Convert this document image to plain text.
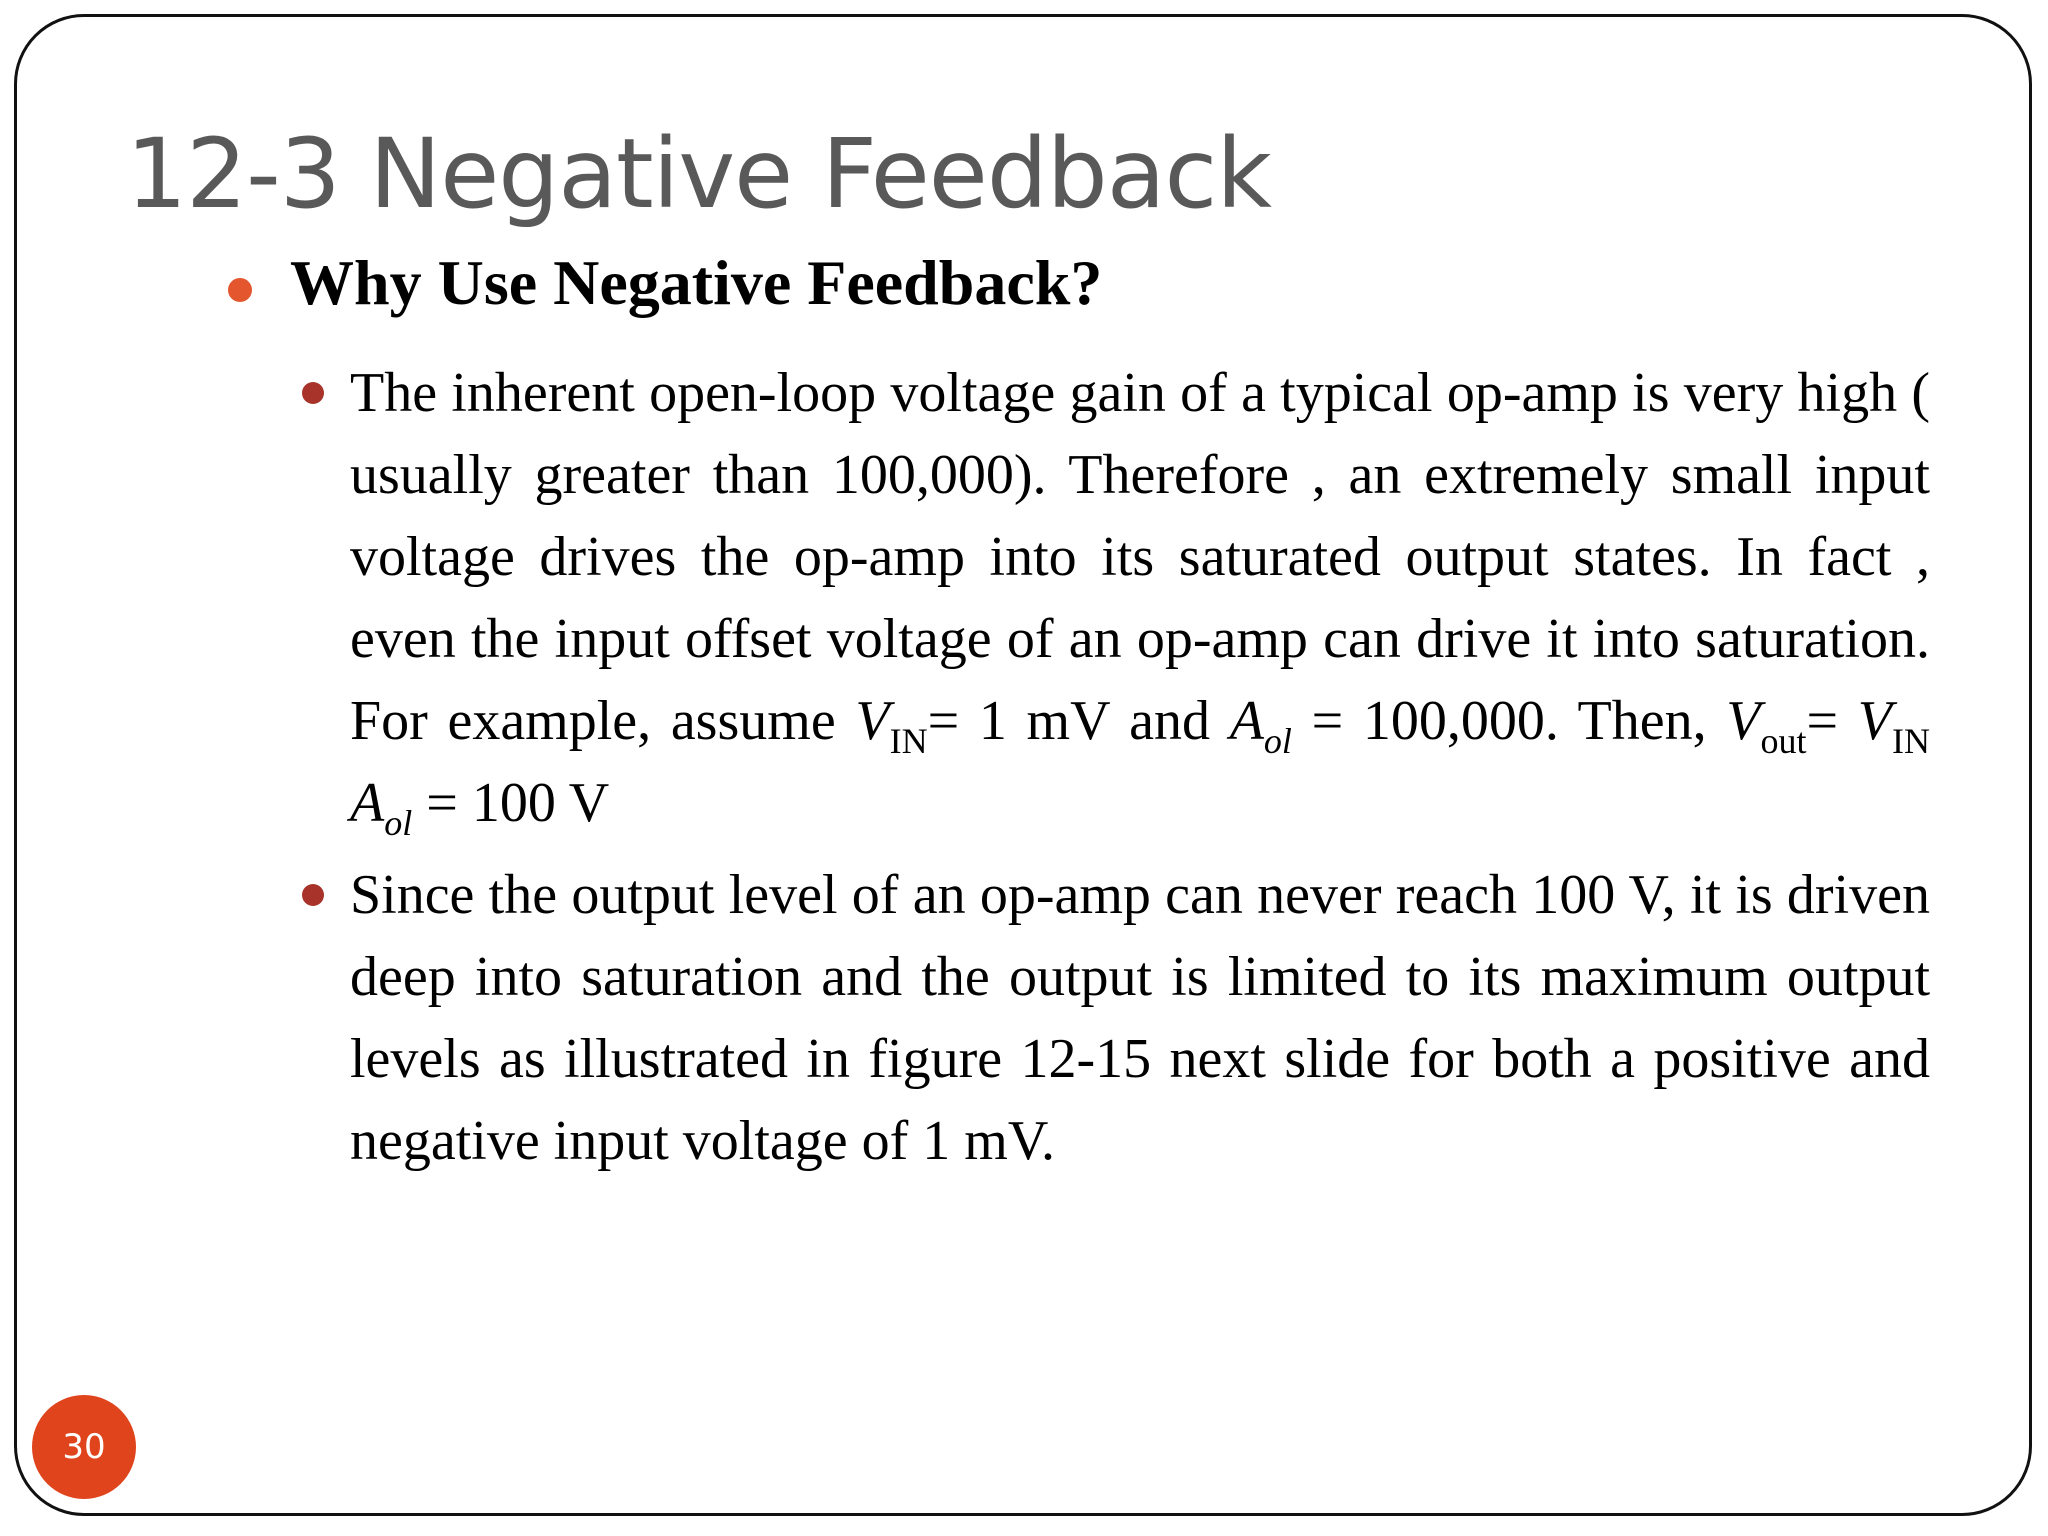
12-3 Negative Feedback
Why Use Negative Feedback?
The inherent open-loop voltage gain of a typical op-amp is very high ( usually greater than 100,000). Therefore , an extremely small input voltage drives the op-amp into its saturated output states. In fact , even the input offset voltage of an op-amp can drive it into saturation. For example, assume $V_{IN}= 1$ mV and $A_{ol} = 100,000$. Then, $V_{out}= V_{IN}$ $A_{ol} = 100$ V
Since the output level of an op-amp can never reach 100 V, it is driven deep into saturation and the output is limited to its maximum output levels as illustrated in figure 12-15 next slide for both a positive and negative input voltage of 1 mV.
30
